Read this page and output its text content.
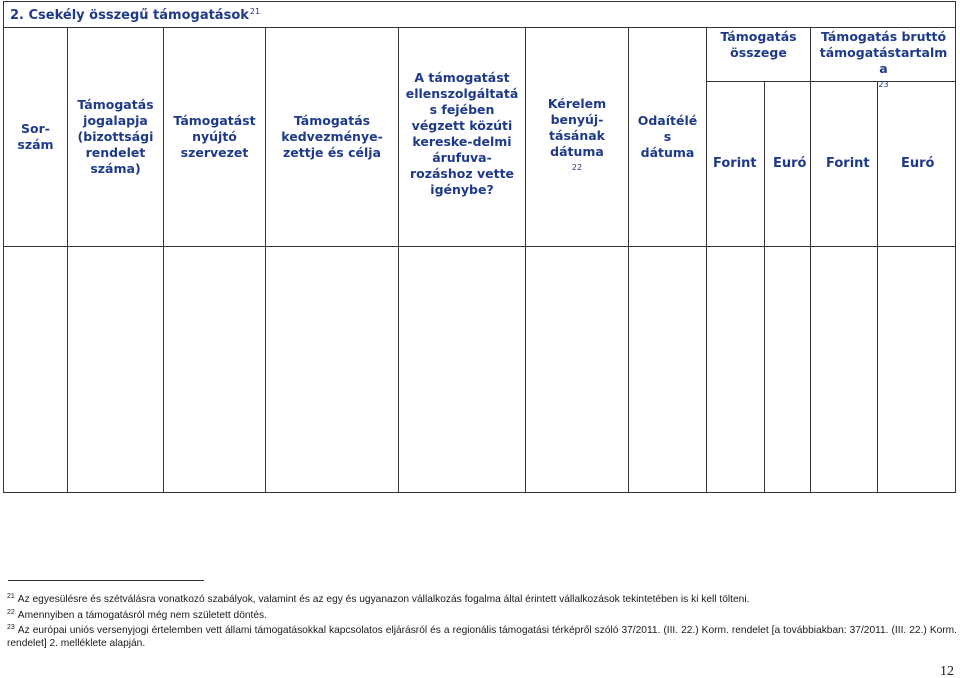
2. Csekély összegű támogatások$^{21}$
Sor-
szám
Támogatás
jogalapja
(bizottsági
rendelet
száma)
Támogatást
nyújtó
szervezet
Támogatás
kedvezménye-
zettje és célja
A támogatást
ellenszolgáltatá
s fejében
végzett közúti
kereske-delmi
árufuva-
rozáshoz vette
igénybe?
Kérelem
benyúj-
tásának
dátuma
$^{22}$
Odaítélé
s
dátuma
Támogatás
összege
Támogatás bruttó
támogatástartalm
a
$^{23}$
Forint Euró Forint Euró
$^{21}$ Az egyesülésre és szétválásra vonatkozó szabályok, valamint és az egy és ugyanazon vállalkozás fogalma által érintett vállalkozások tekintetében is ki kell tölteni.
$^{22}$ Amennyiben a támogatásról még nem született döntés.
$^{23}$ Az európai uniós versenyjogi értelemben vett állami támogatásokkal kapcsolatos eljárásról és a regionális támogatási térképről szóló 37/2011. (III. 22.) Korm. rendelet [a továbbiakban: 37/2011. (III. 22.) Korm. rendelet] 2. melléklete alapján.
12
